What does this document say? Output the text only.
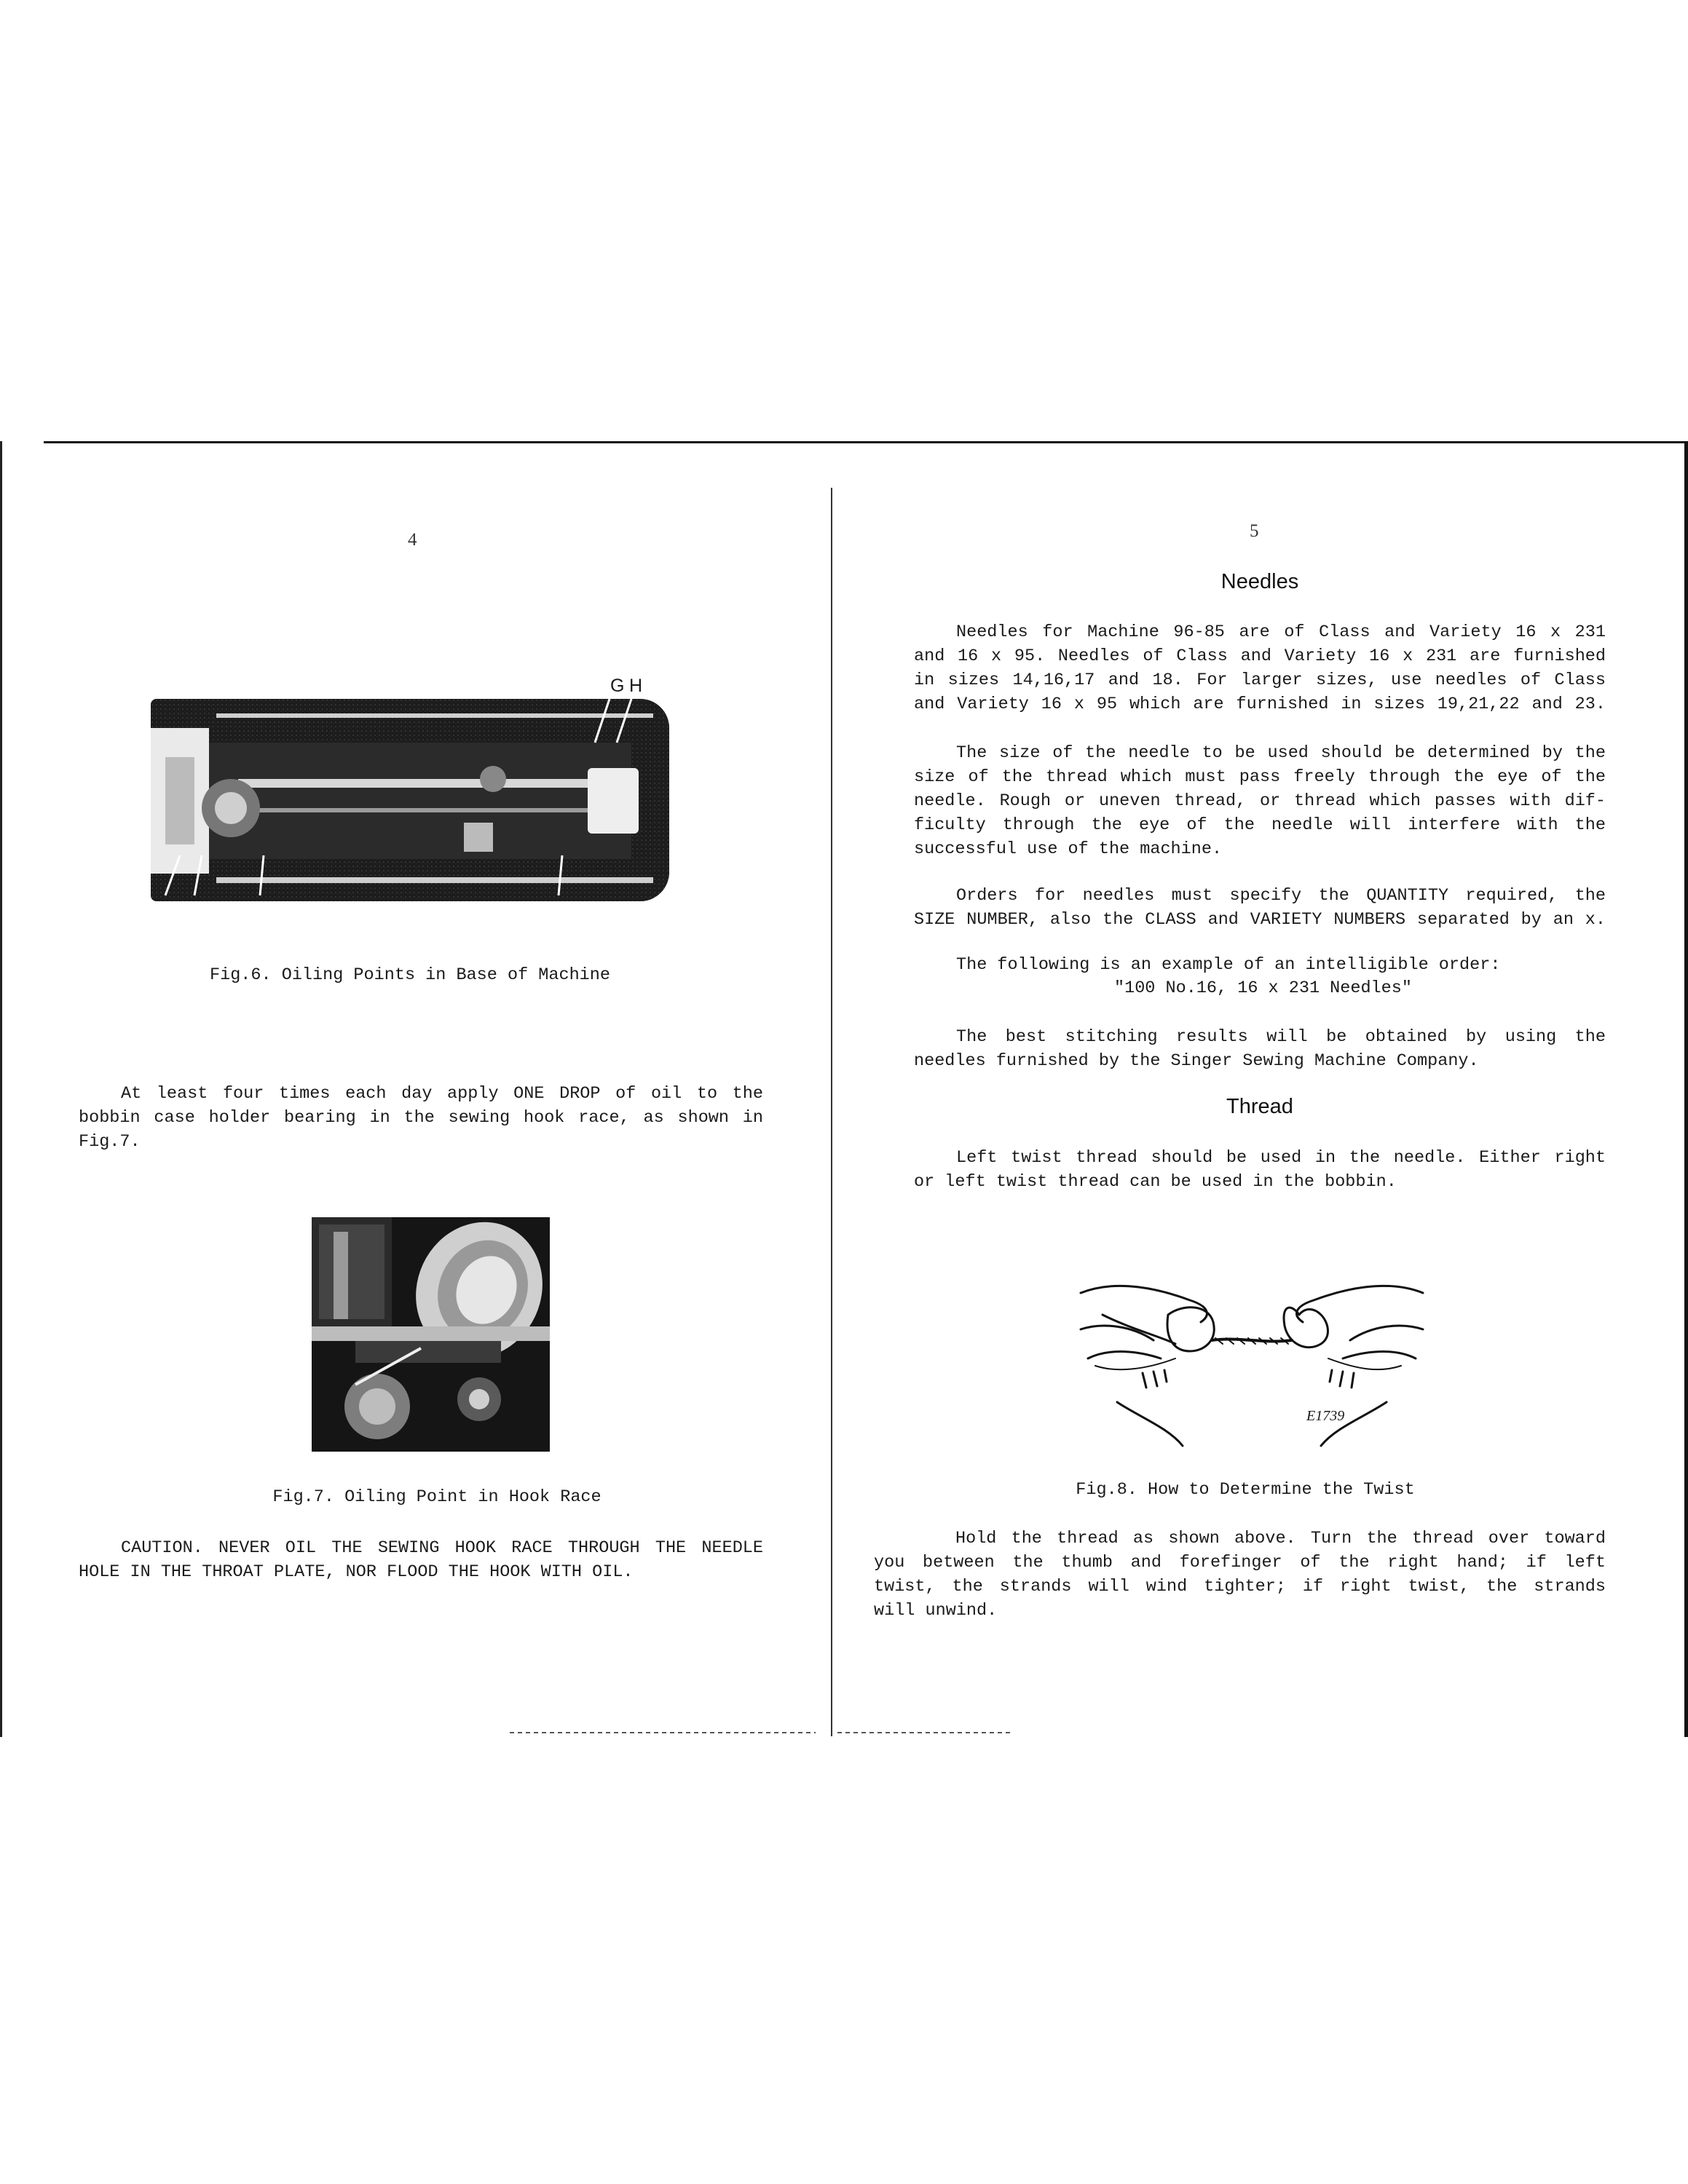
4
G H
Fig.6. Oiling Points in Base of Machine
At least four times each day apply ONE DROP of oil to the
bobbin case holder bearing in the sewing hook race, as shown in
Fig.7.
Fig.7. Oiling Point in Hook Race
CAUTION. NEVER OIL THE SEWING HOOK RACE THROUGH THE NEEDLE
HOLE IN THE THROAT PLATE, NOR FLOOD THE HOOK WITH OIL.
5
Needles
Needles for Machine 96-85 are of Class and Variety 16 x 231
and 16 x 95. Needles of Class and Variety 16 x 231 are furnished
in sizes 14,16,17 and 18. For larger sizes, use needles of Class
and Variety 16 x 95 which are furnished in sizes 19,21,22 and 23.
The size of the needle to be used should be determined by the
size of the thread which must pass freely through the eye of the
needle. Rough or uneven thread, or thread which passes with dif-
ficulty through the eye of the needle will interfere with the
successful use of the machine.
Orders for needles must specify the QUANTITY required, the
SIZE NUMBER, also the CLASS and VARIETY NUMBERS separated by an x.
The following is an example of an intelligible order:
"100 No.16, 16 x 231 Needles"
The best stitching results will be obtained by using the
needles furnished by the Singer Sewing Machine Company.
Thread
Left twist thread should be used in the needle. Either right
or left twist thread can be used in the bobbin.
E1739
Fig.8. How to Determine the Twist
Hold the thread as shown above. Turn the thread over toward
you between the thumb and forefinger of the right hand; if left
twist, the strands will wind tighter; if right twist, the strands
will unwind.
